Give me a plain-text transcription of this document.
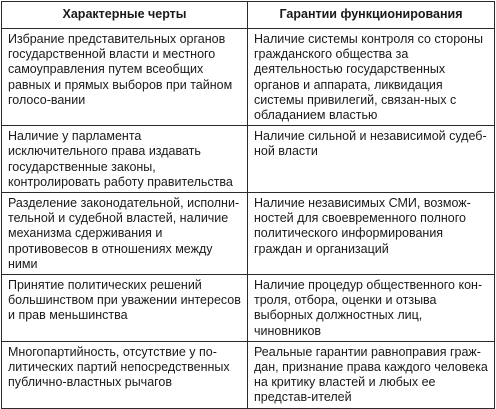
Характерные черты	Гарантии функционирования
Избрание представительных органов государственной власти и местного самоуправления путем всеобщих равных и прямых выборов при тайном голосо-вании	Наличие системы контроля со стороны гражданского общества за деятельностью государственных органов и аппарата, ликвидация системы привилегий, связан-ных с обладанием властью
Наличие у парламента исключительного права издавать государственные законы, контролировать работу правительства	Наличие сильной и независимой судеб-ной власти
Разделение законодательной, исполни-тельной и судебной властей, наличие механизма сдерживания и противовесов в отношениях между ними	Наличие независимых СМИ, возмож-ностей для своевременного полного политического информирования граждан и организаций
Принятие политических решений большинством при уважении интересов и прав меньшинства	Наличие процедур общественного кон-троля, отбора, оценки и отзыва выборных должностных лиц, чиновников
Многопартийность, отсутствие у по-литических партий непосредственных публично-властных рычагов	Реальные гарантии равноправия граж-дан, признание права каждого человека на критику властей и любых ее представ-ителей
